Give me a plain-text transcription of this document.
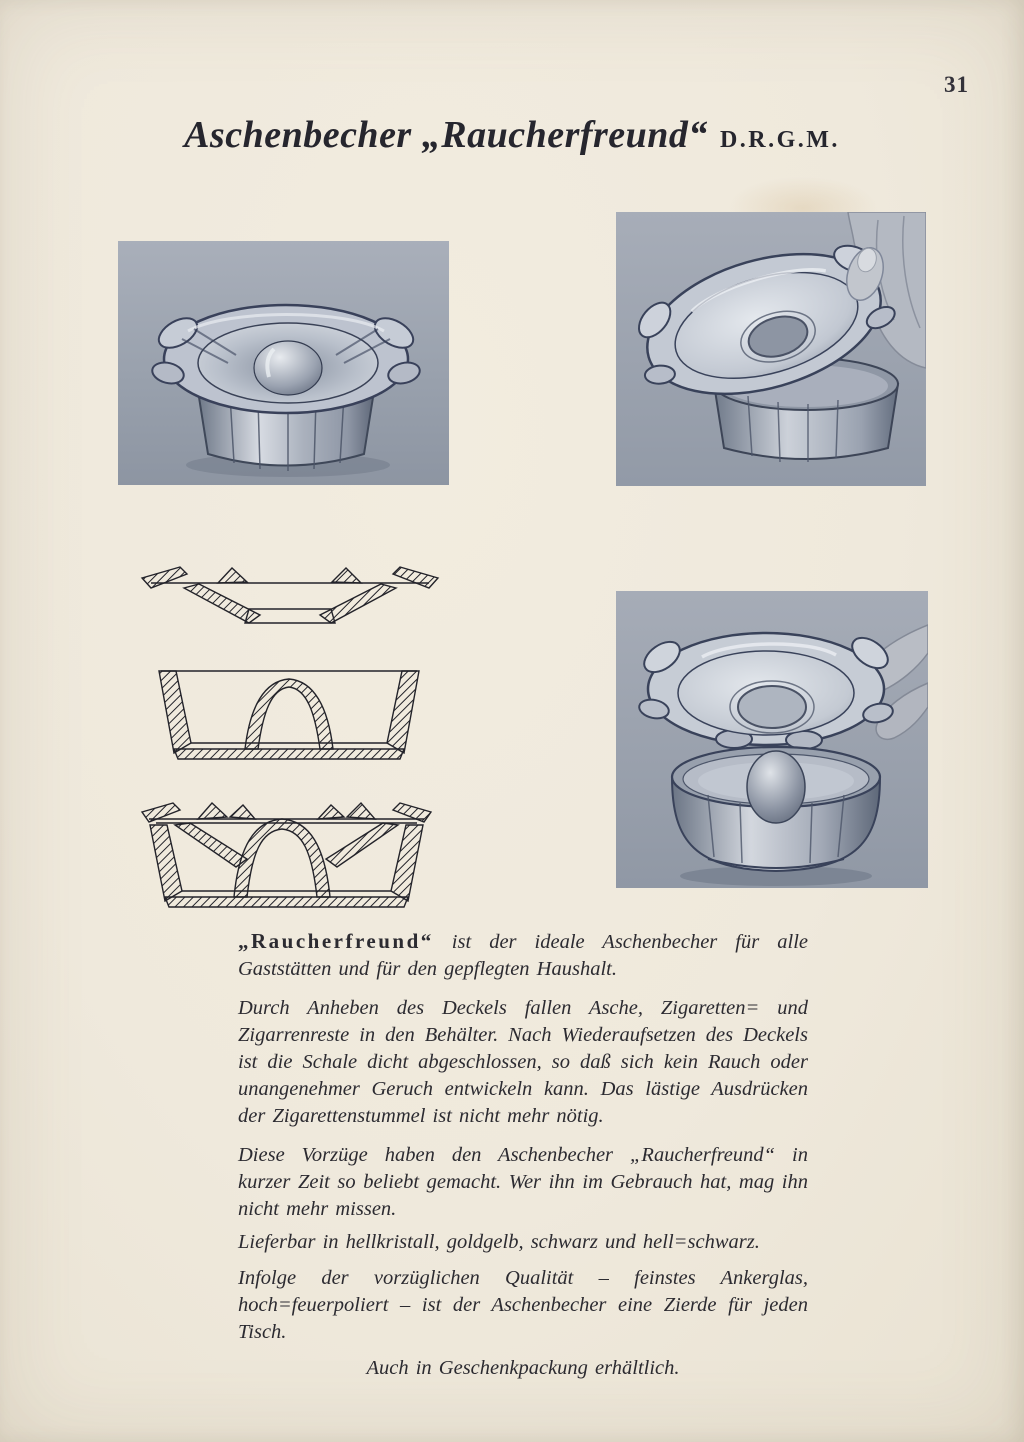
31
Aschenbecher „Raucherfreund“ D.R.G.M.

„Raucherfreund“ ist der ideale Aschenbecher für alle Gaststätten und für den gepflegten Haushalt.

Durch Anheben des Deckels fallen Asche, Zigaretten= und Zigarrenreste in den Behälter. Nach Wiederaufsetzen des Deckels ist die Schale dicht abgeschlossen, so daß sich kein Rauch oder unangenehmer Geruch entwickeln kann. Das lästige Ausdrücken der Zigarettenstummel ist nicht mehr nötig.

Diese Vorzüge haben den Aschenbecher „Raucherfreund“ in kurzer Zeit so beliebt gemacht. Wer ihn im Gebrauch hat, mag ihn nicht mehr missen.

Lieferbar in hellkristall, goldgelb, schwarz und hell=schwarz.

Infolge der vorzüglichen Qualität – feinstes Ankerglas, hoch=feuerpoliert – ist der Aschenbecher eine Zierde für jeden Tisch.

Auch in Geschenkpackung erhältlich.
